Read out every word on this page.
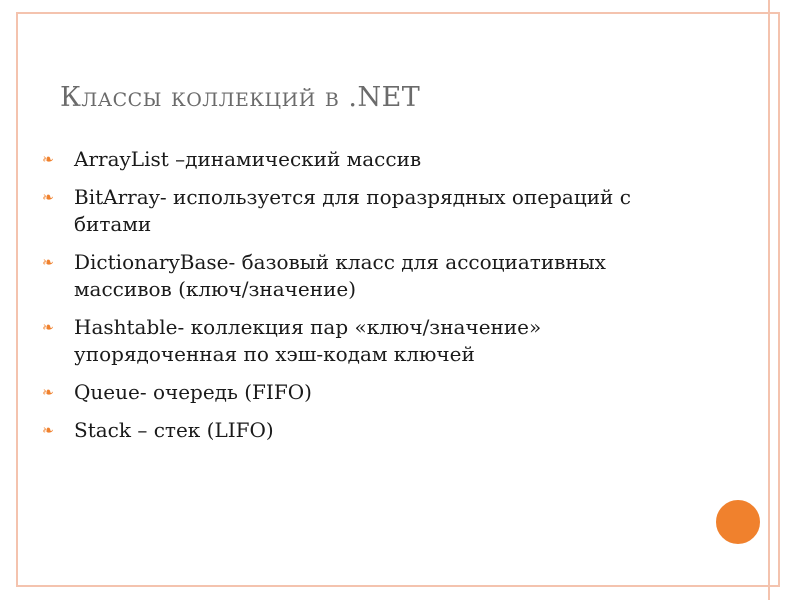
Классы коллекций в .NET
❧ ArrayList –динамический массив
❧ BitArray- используется для поразрядных операций с битами
❧ DictionaryBase- базовый класс для ассоциативных массивов (ключ/значение)
❧ Hashtable- коллекция пар «ключ/значение» упорядоченная по хэш-кодам ключей
❧ Queue- очередь (FIFO)
❧ Stack – стек (LIFO)
